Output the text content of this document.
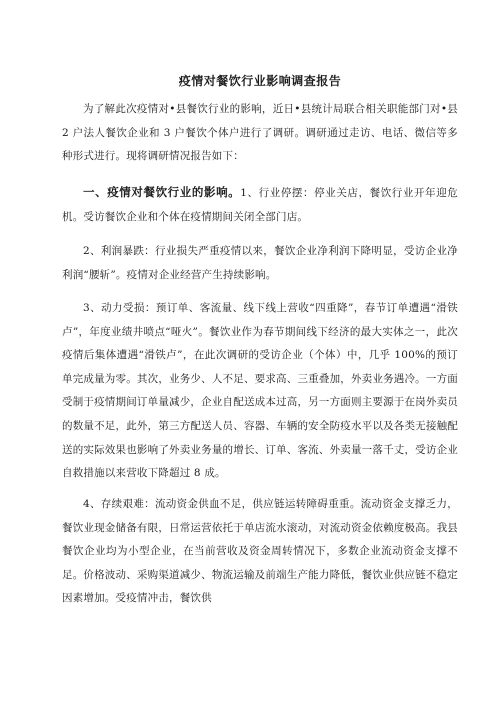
疫情对餐饮行业影响调查报告

为了解此次疫情对•县餐饮行业的影响，近日•县统计局联合相关职能部门对•县 2 户法人餐饮企业和 3 户餐饮个体户进行了调研。调研通过走访、电话、微信等多种形式进行。现将调研情况报告如下：

一、疫情对餐饮行业的影响。1、行业停摆：停业关店，餐饮行业开年迎危机。受访餐饮企业和个体在疫情期间关闭全部门店。

2、利润暴跌：行业损失严重疫情以来，餐饮企业净利润下降明显，受访企业净利润“腰斩”。疫情对企业经营产生持续影响。

3、动力受损：预订单、客流量、线下线上营收“四重降”，春节订单遭遇“滑铁卢”，年度业绩井喷点“哑火”。餐饮业作为春节期间线下经济的最大实体之一，此次疫情后集体遭遇“滑铁卢”，在此次调研的受访企业（个体）中，几乎 100%的预订单完成量为零。其次，业务少、人不足、要求高、三重叠加，外卖业务遇冷。一方面受制于疫情期间订单量减少，企业自配送成本过高，另一方面则主要源于在岗外卖员的数量不足，此外，第三方配送人员、容器、车辆的安全防疫水平以及各类无接触配送的实际效果也影响了外卖业务量的增长、订单、客流、外卖量一落千丈，受访企业自救措施以来营收下降超过 8 成。

4、存续艰难：流动资金供血不足，供应链运转障碍重重。流动资金支撑乏力，餐饮业现金储备有限，日常运营依托于单店流水滚动，对流动资金依赖度极高。我县餐饮企业均为小型企业，在当前营收及资金周转情况下，多数企业流动资金支撑不足。价格波动、采购渠道减少、物流运输及前端生产能力降低，餐饮业供应链不稳定因素增加。受疫情冲击，餐饮供
